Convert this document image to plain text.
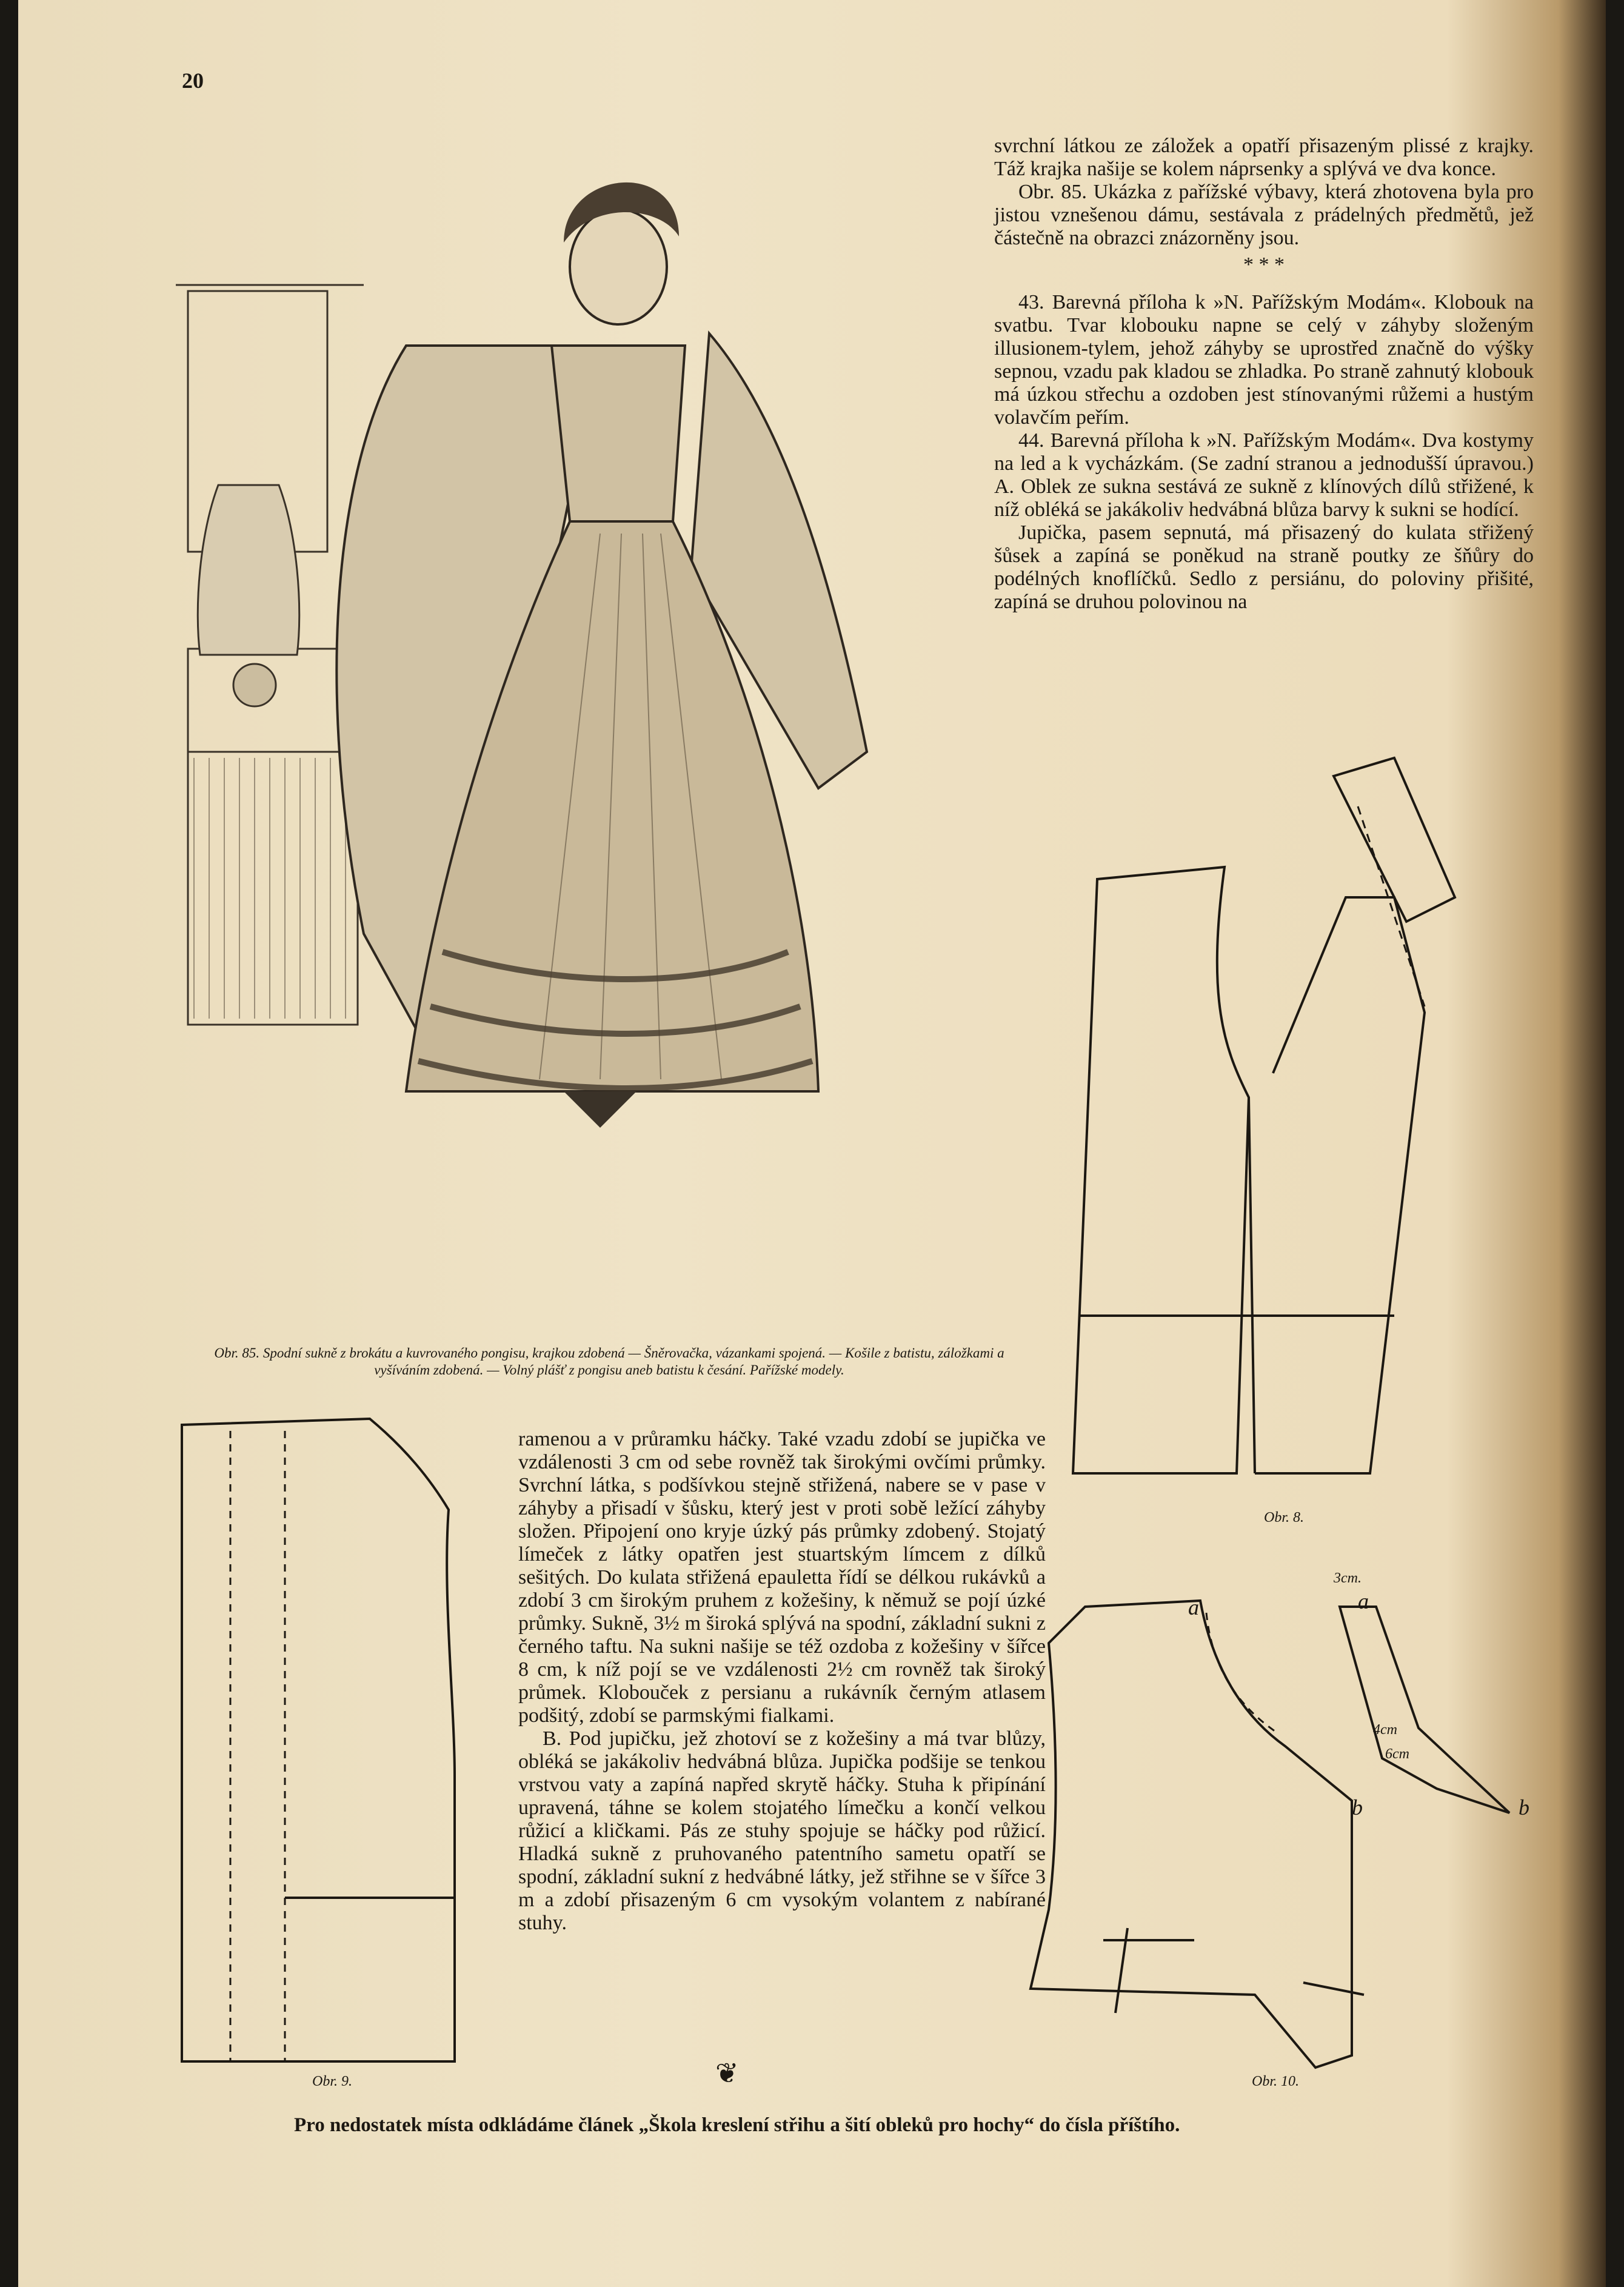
20
Obr. 85. Spodní sukně z brokátu a kuvrovaného pongisu, krajkou zdobená — Šněrovačka, vázankami spojená. — Košile z batistu, záložkami a vyšíváním zdobená. — Volný plášť z pongisu aneb batistu k česání. Pařížské modely.

svrchní látkou ze záložek a opatří přisazeným plissé z krajky. Táž krajka našije se kolem náprsenky a splývá ve dva konce.

Obr. 85. Ukázka z pařížské výbavy, která zhotovena byla pro jistou vznešenou dámu, sestávala z prádelných předmětů, jež částečně na obrazci znázorněny jsou.

* * *

43. Barevná příloha k »N. Pařížským Modám«. Klobouk na svatbu. Tvar klobouku napne se celý v záhyby složeným illusionem-tylem, jehož záhyby se uprostřed značně do výšky sepnou, vzadu pak kladou se zhladka. Po straně zahnutý klobouk má úzkou střechu a ozdoben jest stínovanými růžemi a hustým volavčím peřím.

44. Barevná příloha k »N. Pařížským Modám«. Dva kostymy na led a k vycházkám. (Se zadní stranou a jednodušší úpravou.) A. Oblek ze sukna sestává ze sukně z klínových dílů střižené, k níž obléká se jakákoliv hedvábná blůza barvy k sukni se hodící.

Jupička, pasem sepnutá, má přisazený do kulata střižený šůsek a zapíná se poněkud na straně poutky ze šňůry do podélných knoflíčků. Sedlo z persiánu, do poloviny přišité, zapíná se druhou polovinou na

Obr. 8.
Obr. 9.

ramenou a v průramku háčky. Také vzadu zdobí se jupička ve vzdálenosti 3 cm od sebe rovněž tak širokými ovčími průmky. Svrchní látka, s podšívkou stejně střižená, nabere se v pase v záhyby a přisadí v šůsku, který jest v proti sobě ležící záhyby složen. Připojení ono kryje úzký pás průmky zdobený. Stojatý límeček z látky opatřen jest stuartským límcem z dílků sešitých. Do kulata střižená epauletta řídí se délkou rukávků a zdobí 3 cm širokým pruhem z kožešiny, k němuž se pojí úzké průmky. Sukně, 3½ m široká splývá na spodní, základní sukni z černého taftu. Na sukni našije se též ozdoba z kožešiny v šířce 8 cm, k níž pojí se ve vzdálenosti 2½ cm rovněž tak široký průmek. Klobouček z persianu a rukávník černým atlasem podšitý, zdobí se parmskými fialkami.

B. Pod jupičku, jež zhotoví se z kožešiny a má tvar blůzy, obléká se jakákoliv hedvábná blůza. Jupička podšije se tenkou vrstvou vaty a zapíná napřed skrytě háčky. Stuha k připínání upravená, táhne se kolem stojatého límečku a končí velkou růžicí a kličkami. Pás ze stuhy spojuje se háčky pod růžicí. Hladká sukně z pruhovaného patentního sametu opatří se spodní, základní sukní z hedvábné látky, jež střihne se v šířce 3 m a zdobí přisazeným 6 cm vysokým volantem z nabírané stuhy.

❦
a	a
b	b
3cm.
4cm
6cm
Obr. 10.
Pro nedostatek místa odkládáme článek „Škola kreslení střihu a šití obleků pro hochy“ do čísla příštího.
